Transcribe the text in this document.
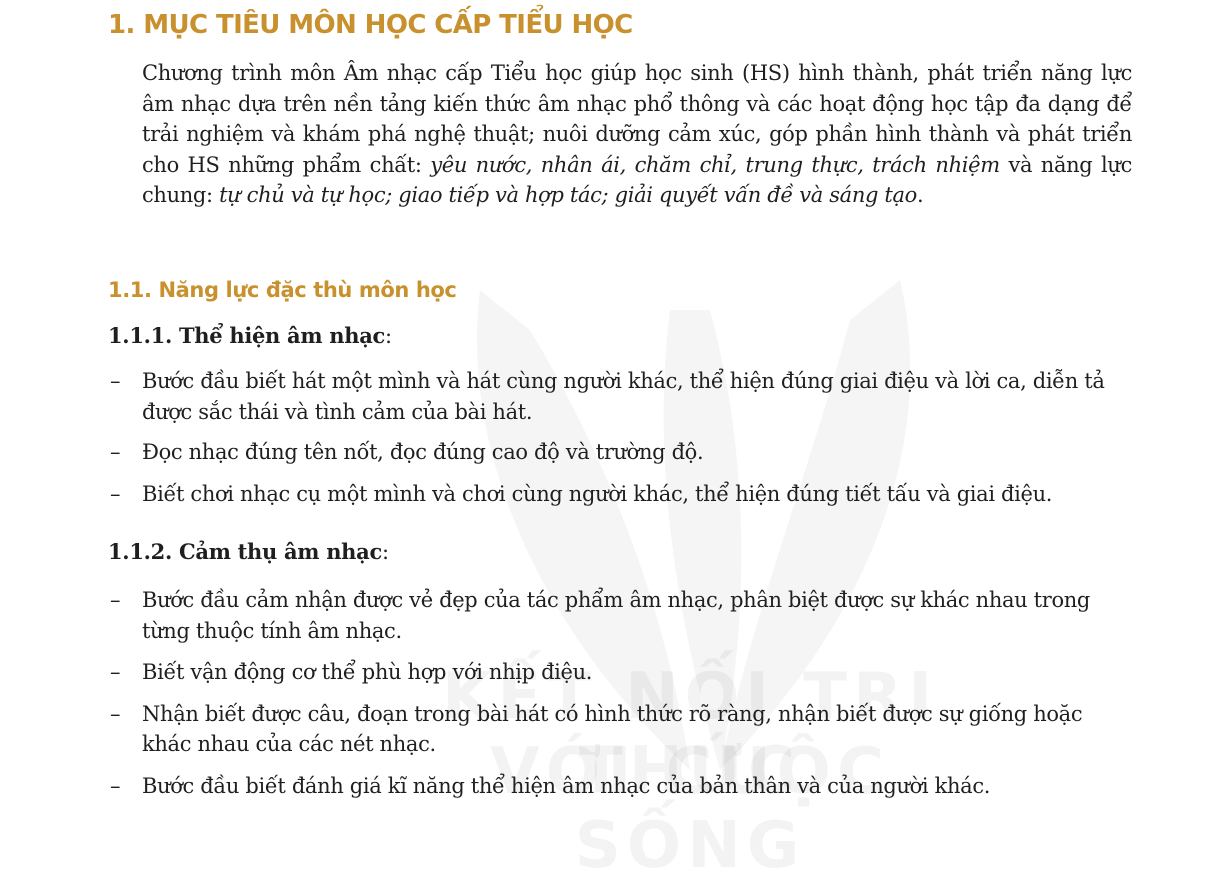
1. MỤC TIÊU MÔN HỌC CẤP TIỂU HỌC

Chương trình môn Âm nhạc cấp Tiểu học giúp học sinh (HS) hình thành, phát triển năng lực âm nhạc dựa trên nền tảng kiến thức âm nhạc phổ thông và các hoạt động học tập đa dạng để trải nghiệm và khám phá nghệ thuật; nuôi dưỡng cảm xúc, góp phần hình thành và phát triển cho HS những phẩm chất: yêu nước, nhân ái, chăm chỉ, trung thực, trách nhiệm và năng lực chung: tự chủ và tự học; giao tiếp và hợp tác; giải quyết vấn đề và sáng tạo.

1.1. Năng lực đặc thù môn học
1.1.1. Thể hiện âm nhạc:
– Bước đầu biết hát một mình và hát cùng người khác, thể hiện đúng giai điệu và lời ca, diễn tả được sắc thái và tình cảm của bài hát.
– Đọc nhạc đúng tên nốt, đọc đúng cao độ và trường độ.
– Biết chơi nhạc cụ một mình và chơi cùng người khác, thể hiện đúng tiết tấu và giai điệu.
1.1.2. Cảm thụ âm nhạc:
– Bước đầu cảm nhận được vẻ đẹp của tác phẩm âm nhạc, phân biệt được sự khác nhau trong từng thuộc tính âm nhạc.
– Biết vận động cơ thể phù hợp với nhịp điệu.
– Nhận biết được câu, đoạn trong bài hát có hình thức rõ ràng, nhận biết được sự giống hoặc khác nhau của các nét nhạc.
– Bước đầu biết đánh giá kĩ năng thể hiện âm nhạc của bản thân và của người khác.
